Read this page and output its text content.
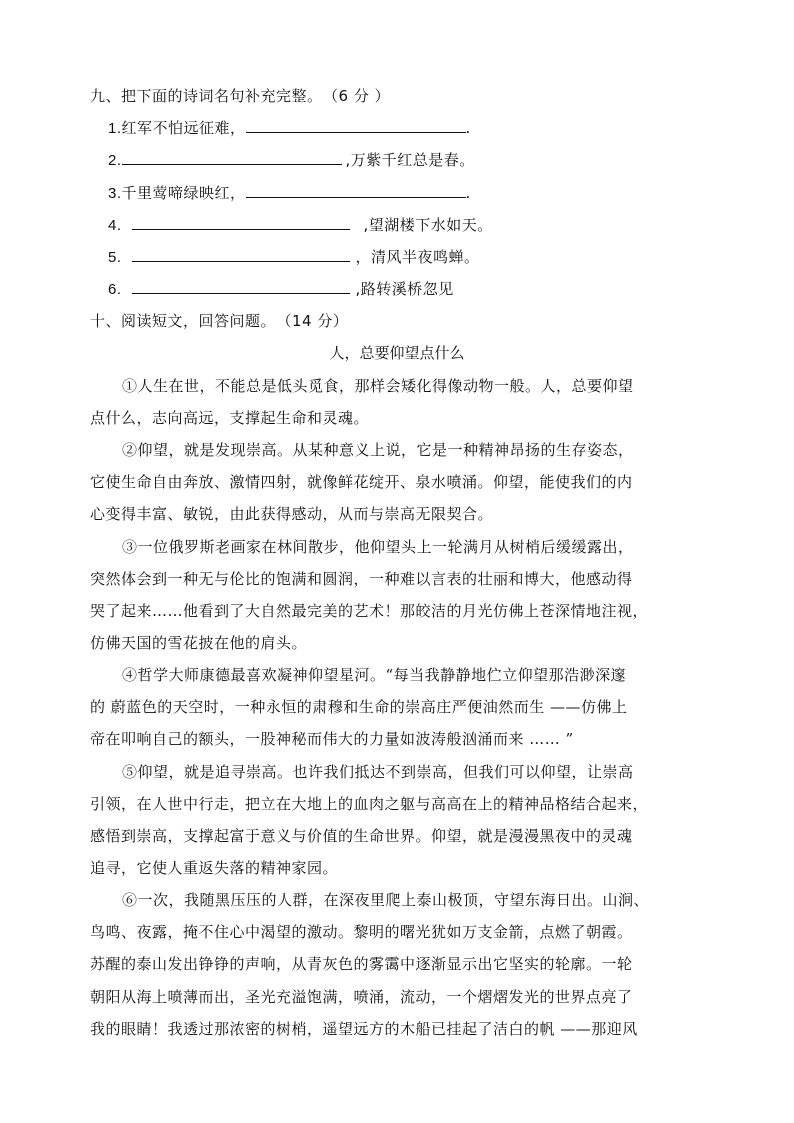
九、把下面的诗词名句补充完整。 （6 分 ）
1.红军不怕远征难，	.
2.	,万紫千红总是春。
3.千里莺啼绿映红，	.
4.	,望湖楼下水如天。
5.	，清风半夜鸣蝉。
6.	,路转溪桥忽见
十、阅读短文，回答问题。 （14 分）
人，总要仰望点什么
①人生在世，不能总是低头觅食，那样会矮化得像动物一般。人，总要仰望
点什么，志向高远，支撑起生命和灵魂。
②仰望，就是发现崇高。从某种意义上说，它是一种精神昂扬的生存姿态，
它使生命自由奔放、激情四射，就像鲜花绽开、泉水喷涌。仰望，能使我们的内
心变得丰富、敏锐，由此获得感动，从而与崇高无限契合。
③一位俄罗斯老画家在林间散步，他仰望头上一轮满月从树梢后缓缓露出，
突然体会到一种无与伦比的饱满和圆润，一种难以言表的壮丽和博大，他感动得
哭了起来……他看到了大自然最完美的艺术！那皎洁的月光仿佛上苍深情地注视，
仿佛天国的雪花披在他的肩头。
④哲学大师康德最喜欢凝神仰望星河。“每当我静静地伫立仰望那浩渺深邃
的 蔚蓝色的天空时，一种永恒的肃穆和生命的崇高庄严便油然而生 ——仿佛上
帝在叩响自己的额头，一股神秘而伟大的力量如波涛般汹涌而来 …… ”
⑤仰望，就是追寻崇高。也许我们抵达不到崇高，但我们可以仰望，让崇高
引领，在人世中行走，把立在大地上的血肉之躯与高高在上的精神品格结合起来，
感悟到崇高，支撑起富于意义与价值的生命世界。仰望，就是漫漫黑夜中的灵魂
追寻，它使人重返失落的精神家园。
⑥一次，我随黑压压的人群，在深夜里爬上泰山极顶，守望东海日出。山涧、
鸟鸣、夜露，掩不住心中渴望的激动。黎明的曙光犹如万支金箭，点燃了朝霞。
苏醒的泰山发出铮铮的声响，从青灰色的雾霭中逐渐显示出它坚实的轮廓。一轮
朝阳从海上喷薄而出，圣光充溢饱满，喷涌，流动，一个熠熠发光的世界点亮了
我的眼睛！我透过那浓密的树梢，遥望远方的木船已挂起了洁白的帆 ——那迎风
